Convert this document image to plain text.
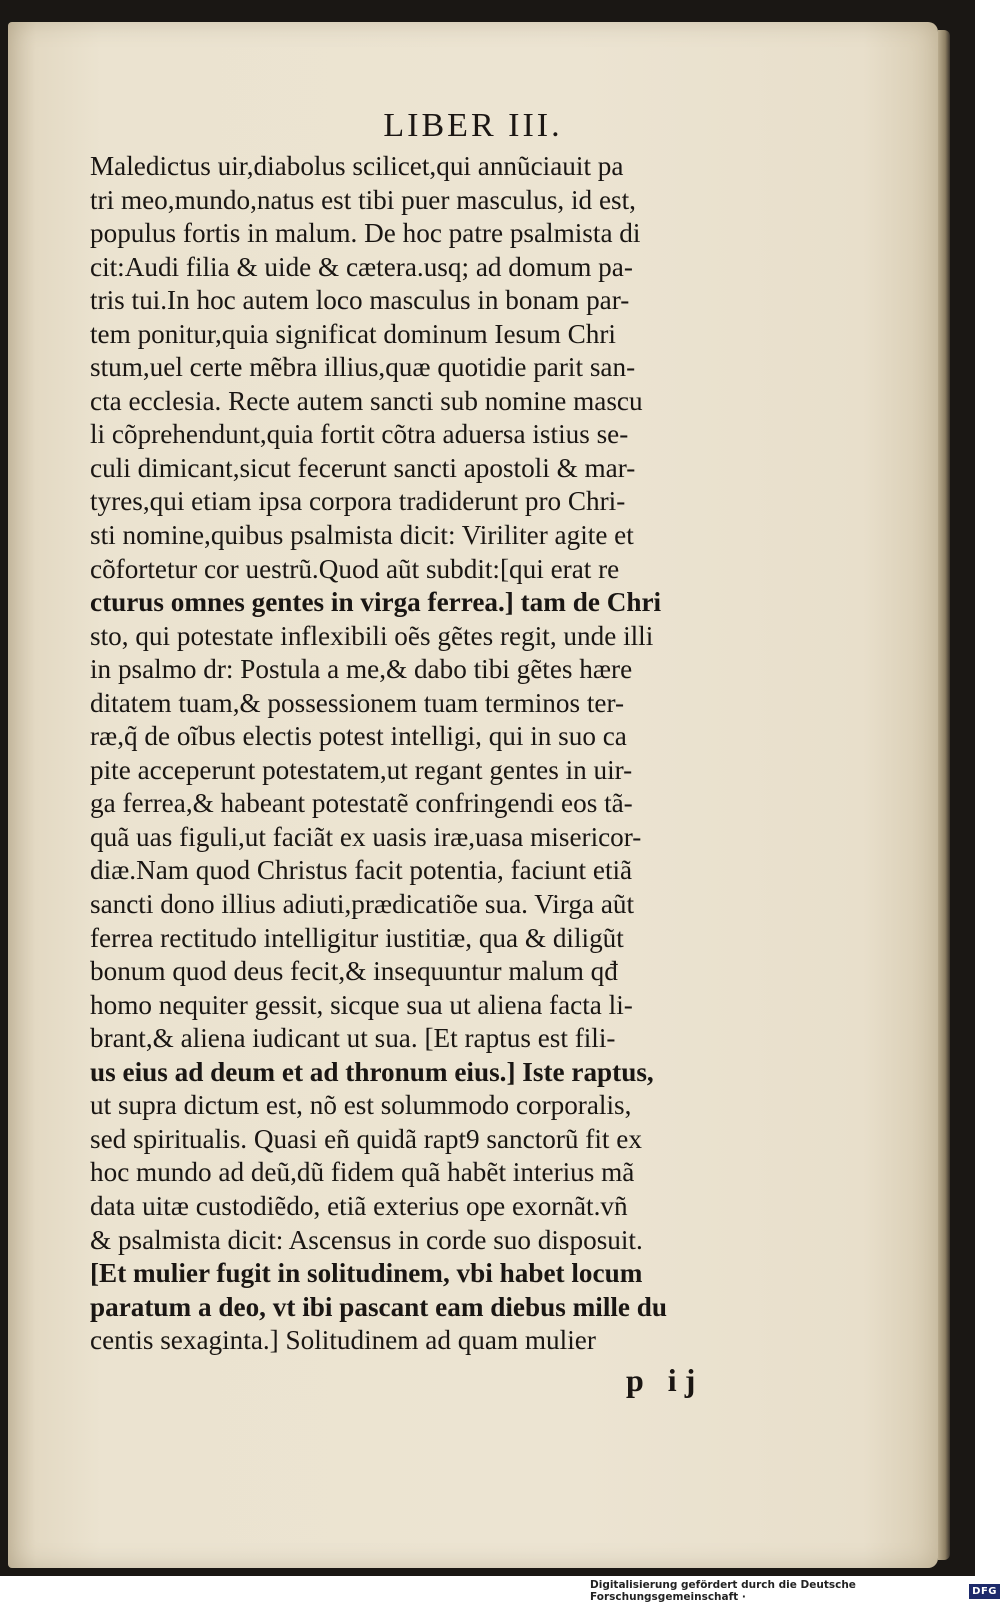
LIBER III.
Maledictus uir,diabolus scilicet,qui annũciauit pa
tri meo,mundo,natus est tibi puer masculus, id est,
populus fortis in malum. De hoc patre psalmista di
cit:Audi filia & uide & cætera.usq; ad domum pa-
tris tui.In hoc autem loco masculus in bonam par-
tem ponitur,quia significat dominum Iesum Chri
stum,uel certe mẽbra illius,quæ quotidie parit san-
cta ecclesia. Recte autem sancti sub nomine mascu
li cõprehendunt,quia fortit cõtra aduersa istius se-
culi dimicant,sicut fecerunt sancti apostoli & mar-
tyres,qui etiam ipsa corpora tradiderunt pro Chri-
sti nomine,quibus psalmista dicit: Viriliter agite et
cõfortetur cor uestrũ.Quod aũt subdit:[qui erat re
cturus omnes gentes in virga ferrea.] tam de Chri
sto, qui potestate inflexibili oẽs gẽtes regit, unde illi
in psalmo dr: Postula a me,& dabo tibi gẽtes hære
ditatem tuam,& possessionem tuam terminos ter-
ræ,q̃ de oĩbus electis potest intelligi, qui in suo ca
pite acceperunt potestatem,ut regant gentes in uir-
ga ferrea,& habeant potestatẽ confringendi eos tã-
quã uas figuli,ut faciãt ex uasis iræ,uasa misericor-
diæ.Nam quod Christus facit potentia, faciunt etiã
sancti dono illius adiuti,prædicatiõe sua. Virga aũt
ferrea rectitudo intelligitur iustitiæ, qua & diligũt
bonum quod deus fecit,& insequuntur malum qđ
homo nequiter gessit, sicque sua ut aliena facta li-
brant,& aliena iudicant ut sua. [Et raptus est fili-
us eius ad deum et ad thronum eius.] Iste raptus,
ut supra dictum est, nõ est solummodo corporalis,
sed spiritualis. Quasi eñ quidã rapt9 sanctorũ fit ex
hoc mundo ad deũ,dũ fidem quã habẽt interius mã
data uitæ custodiẽdo, etiã exterius ope exornãt.vñ
& psalmista dicit: Ascensus in corde suo disposuit.
[Et mulier fugit in solitudinem, vbi habet locum
paratum a deo, vt ibi pascant eam diebus mille du
centis sexaginta.] Solitudinem ad quam mulier
p ij
Digitalisierung gefördert durch die Deutsche Forschungsgemeinschaft ·	DFG
